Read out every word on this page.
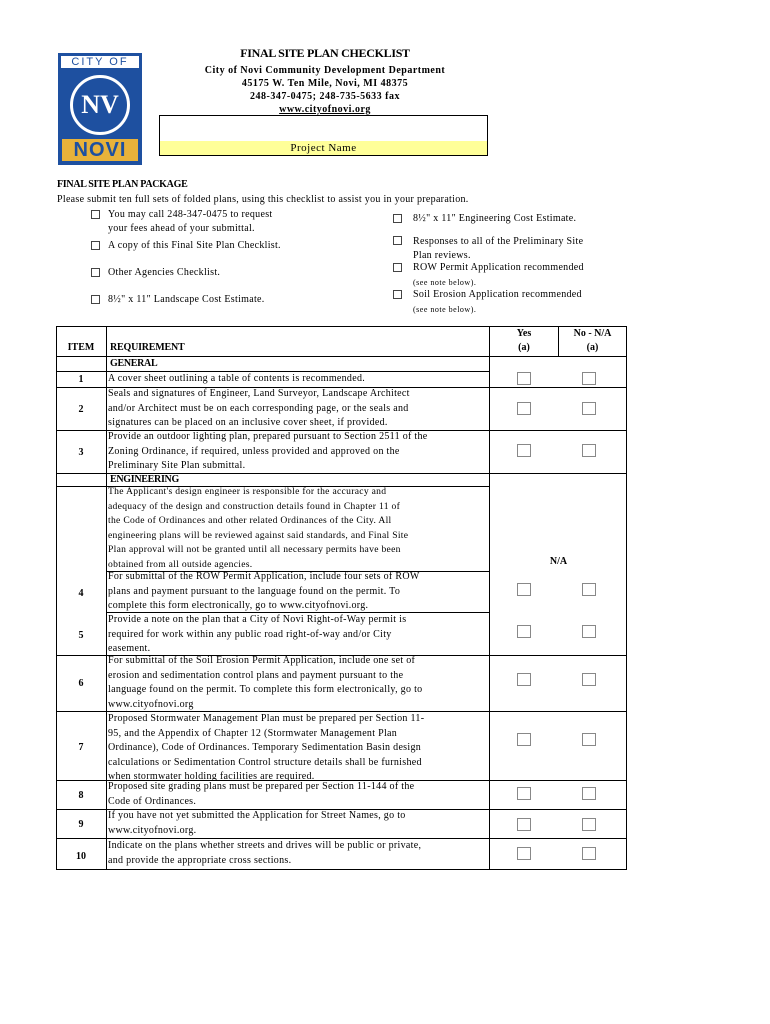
CITY OF
NV
NOVI
FINAL SITE PLAN CHECKLIST
City of Novi Community Development Department
45175 W. Ten Mile, Novi, MI 48375
248-347-0475; 248-735-5633 fax
www.cityofnovi.org
Project Name
FINAL SITE PLAN PACKAGE
Please submit ten full sets of folded plans, using this checklist to assist you in your preparation.
You may call 248-347-0475 to request
your fees ahead of your submittal.
A copy of this Final Site Plan Checklist.
Other Agencies Checklist.
8½" x 11" Landscape Cost Estimate.
8½" x 11" Engineering Cost Estimate.
Responses to all of the Preliminary Site
Plan reviews.
ROW Permit Application recommended
(see note below).
Soil Erosion Application recommended
(see note below).
ITEM	REQUIREMENT
Yes
(a)
No - N/A
(a)
GENERAL
ENGINEERING
N/A
1	A cover sheet outlining a table of contents is recommended.
2
Seals and signatures of Engineer, Land Surveyor, Landscape Architect
and/or Architect must be on each corresponding page, or the seals and
signatures can be placed on an inclusive cover sheet, if provided.
3
Provide an outdoor lighting plan, prepared pursuant to Section 2511 of the
Zoning Ordinance, if required, unless provided and approved on the
Preliminary Site Plan submittal.
The Applicant's design engineer is responsible for the accuracy and
adequacy of the design and construction details found in Chapter 11 of
the Code of Ordinances and other related Ordinances of the City. All
engineering plans will be reviewed against said standards, and Final Site
Plan approval will not be granted until all necessary permits have been
obtained from all outside agencies.
4
For submittal of the ROW Permit Application, include four sets of ROW
plans and payment pursuant to the language found on the permit. To
complete this form electronically, go to www.cityofnovi.org.
5
Provide a note on the plan that a City of Novi Right-of-Way permit is
required for work within any public road right-of-way and/or City
easement.
6
For submittal of the Soil Erosion Permit Application, include one set of
erosion and sedimentation control plans and payment pursuant to the
language found on the permit. To complete this form electronically, go to
www.cityofnovi.org
7
Proposed Stormwater Management Plan must be prepared per Section 11-
95, and the Appendix of Chapter 12 (Stormwater Management Plan
Ordinance), Code of Ordinances. Temporary Sedimentation Basin design
calculations or Sedimentation Control structure details shall be furnished
when stormwater holding facilities are required.
8
Proposed site grading plans must be prepared per Section 11-144 of the
Code of Ordinances.
9
If you have not yet submitted the Application for Street Names, go to
www.cityofnovi.org.
10
Indicate on the plans whether streets and drives will be public or private,
and provide the appropriate cross sections.
